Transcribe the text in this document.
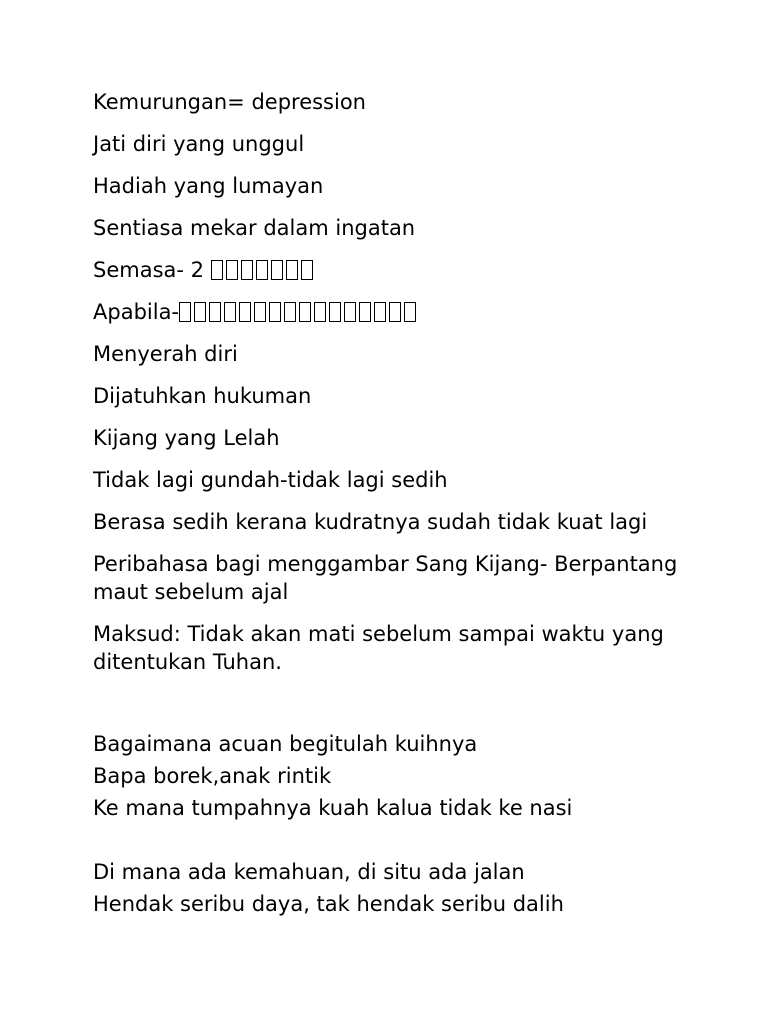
Kemurungan= depression

Jati diri yang unggul

Hadiah yang lumayan

Sentiasa mekar dalam ingatan

Semasa- 2

Apabila-

Menyerah diri

Dijatuhkan hukuman

Kijang yang Lelah

Tidak lagi gundah-tidak lagi sedih

Berasa sedih kerana kudratnya sudah tidak kuat lagi

Peribahasa bagi menggambar Sang Kijang- Berpantang maut sebelum ajal

Maksud: Tidak akan mati sebelum sampai waktu yang ditentukan Tuhan.

Bagaimana acuan begitulah kuihnya

Bapa borek,anak rintik

Ke mana tumpahnya kuah kalua tidak ke nasi

Di mana ada kemahuan, di situ ada jalan

Hendak seribu daya, tak hendak seribu dalih
